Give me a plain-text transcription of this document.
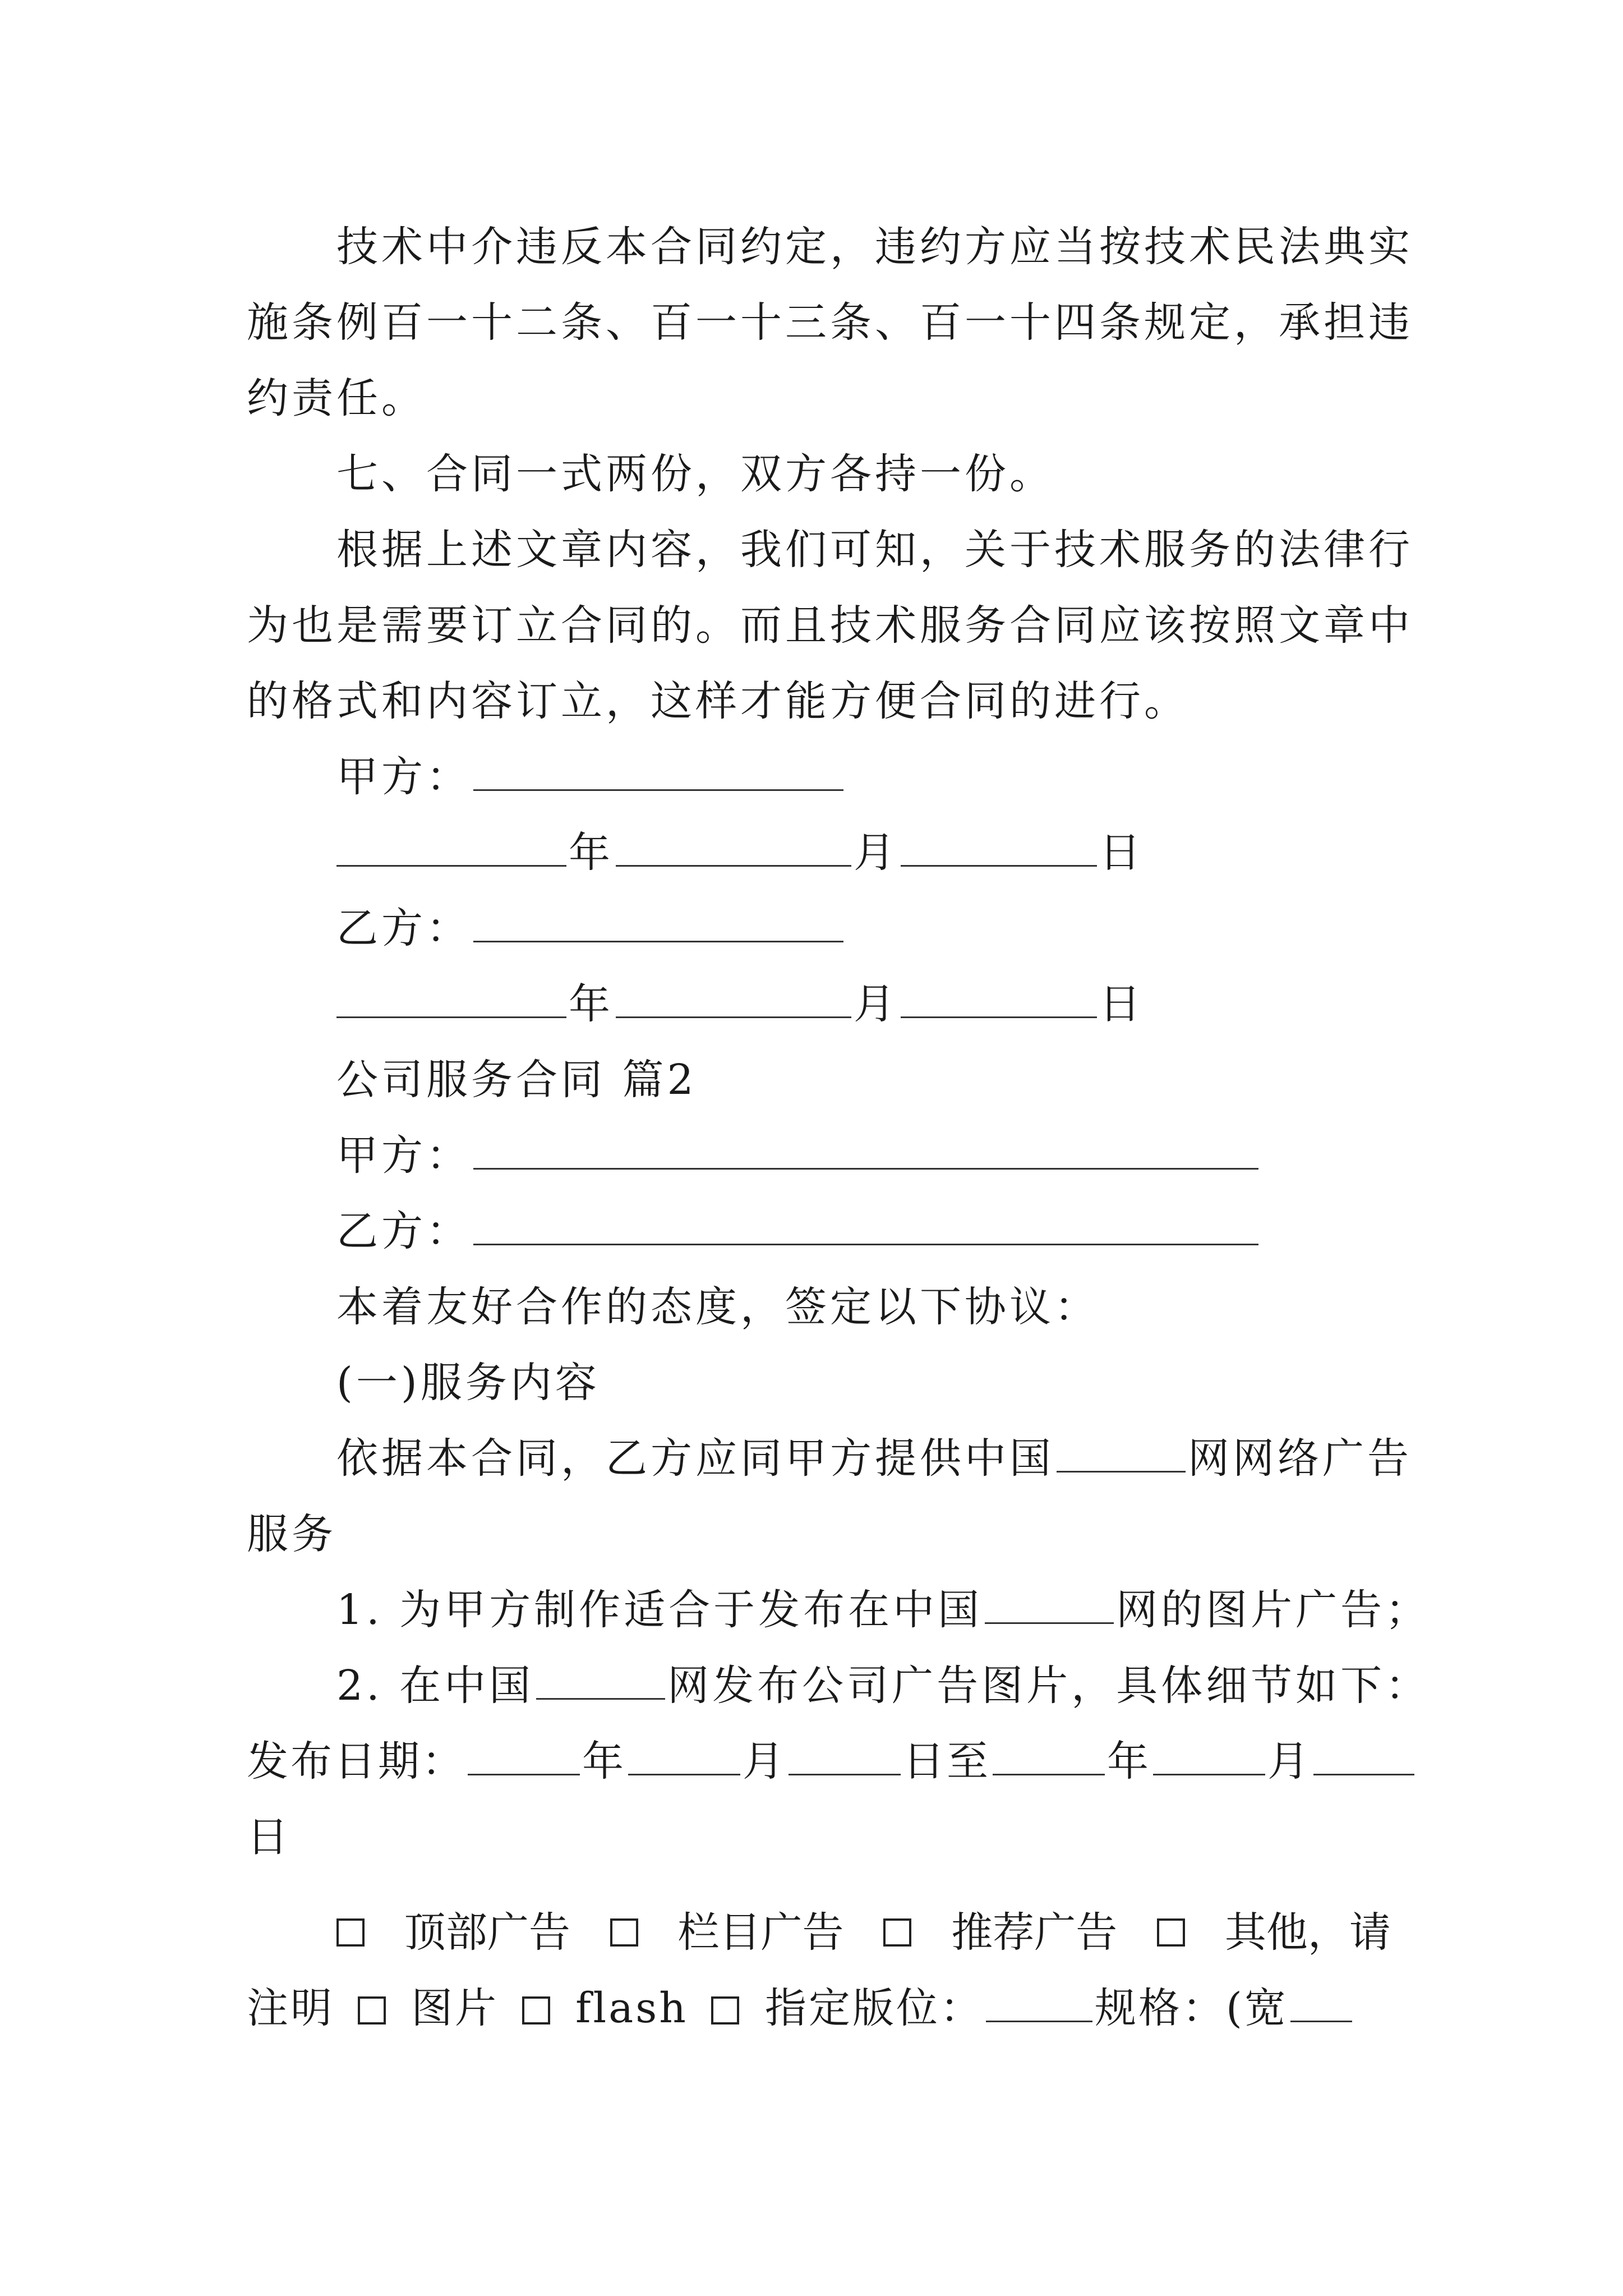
技术中介违反本合同约定，违约方应当按技术民法典实
施条例百一十二条、百一十三条、百一十四条规定，承担违
约责任。
七、合同一式两份，双方各持一份。
根据上述文章内容，我们可知，关于技术服务的法律行
为也是需要订立合同的。而且技术服务合同应该按照文章中
的格式和内容订立，这样才能方便合同的进行。
甲方：
年	月	日
乙方：
年	月	日
公司服务合同 篇2
甲方：
乙方：
本着友好合作的态度，签定以下协议：
(一)服务内容
依据本合同，乙方应同甲方提供中国	网网络广告
服务
1. 为甲方制作适合于发布在中国	网的图片广告；
2. 在中国	网发布公司广告图片，具体细节如下：
发布日期：	年	月	日至	年	月
日
顶部广告	栏目广告	推荐广告	其他，请
注明 图片 flash 指定版位：	规格：(宽
